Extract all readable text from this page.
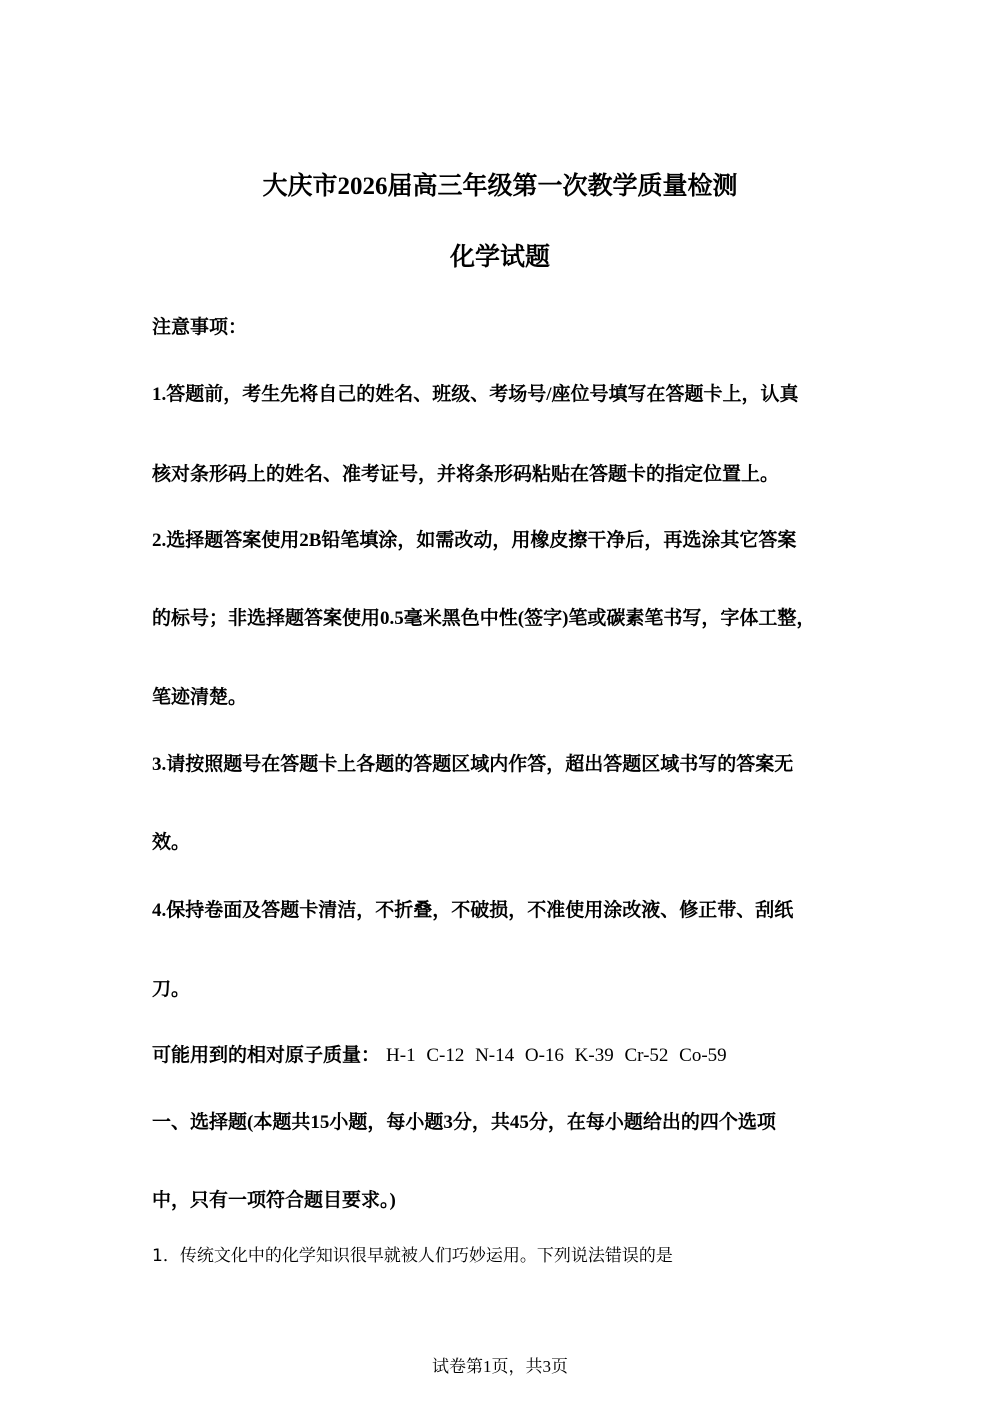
大庆市2026届高三年级第一次教学质量检测
化学试题
注意事项：
1.答题前，考生先将自己的姓名、班级、考场号/座位号填写在答题卡上，认真
核对条形码上的姓名、准考证号，并将条形码粘贴在答题卡的指定位置上。
2.选择题答案使用2B铅笔填涂，如需改动，用橡皮擦干净后，再选涂其它答案
的标号；非选择题答案使用0.5毫米黑色中性(签字)笔或碳素笔书写，字体工整，
笔迹清楚。
3.请按照题号在答题卡上各题的答题区域内作答，超出答题区域书写的答案无
效。
4.保持卷面及答题卡清洁，不折叠，不破损，不准使用涂改液、修正带、刮纸
刀。
可能用到的相对原子质量： H-1 C-12 N-14 O-16 K-39 Cr-52 Co-59
一、选择题(本题共15小题，每小题3分，共45分，在每小题给出的四个选项
中，只有一项符合题目要求。)
1．传统文化中的化学知识很早就被人们巧妙运用。下列说法错误的是
试卷第1页，共3页
